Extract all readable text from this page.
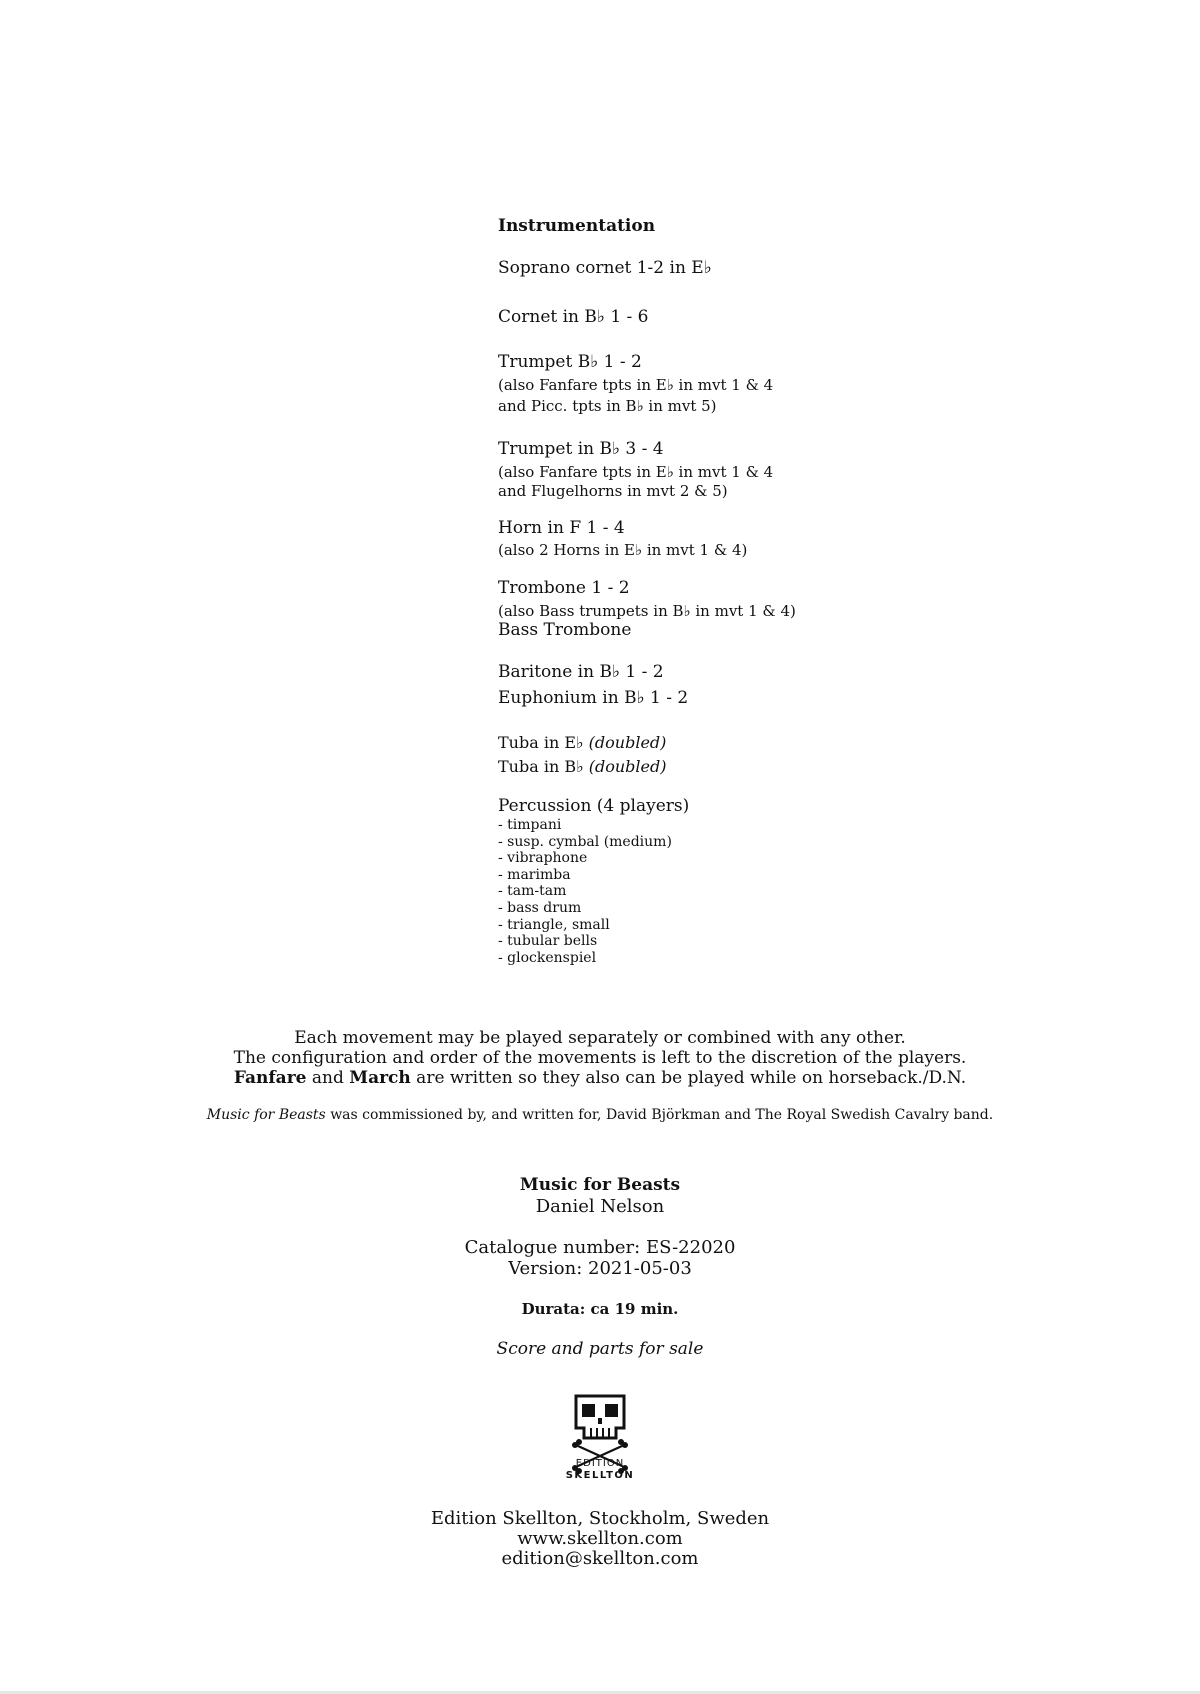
Instrumentation
Soprano cornet 1-2 in E♭
Cornet in B♭ 1 - 6
Trumpet B♭ 1 - 2
(also Fanfare tpts in E♭ in mvt 1 & 4
and Picc. tpts in B♭ in mvt 5)
Trumpet in B♭ 3 - 4
(also Fanfare tpts in E♭ in mvt 1 & 4
and Flugelhorns in mvt 2 & 5)
Horn in F 1 - 4
(also 2 Horns in E♭ in mvt 1 & 4)
Trombone 1 - 2
(also Bass trumpets in B♭ in mvt 1 & 4)
Bass Trombone
Baritone in B♭ 1 - 2
Euphonium in B♭ 1 - 2
Tuba in E♭ (doubled)
Tuba in B♭ (doubled)
Percussion (4 players)
- timpani
- susp. cymbal (medium)
- vibraphone
- marimba
- tam-tam
- bass drum
- triangle, small
- tubular bells
- glockenspiel
Each movement may be played separately or combined with any other.
The configuration and order of the movements is left to the discretion of the players.
Fanfare and March are written so they also can be played while on horseback./D.N.
Music for Beasts was commissioned by, and written for, David Björkman and The Royal Swedish Cavalry band.
Music for Beasts
Daniel Nelson
Catalogue number: ES-22020
Version: 2021-05-03
Durata: ca 19 min.
Score and parts for sale
EDITION
SKELLTON
Edition Skellton, Stockholm, Sweden
www.skellton.com
edition@skellton.com
